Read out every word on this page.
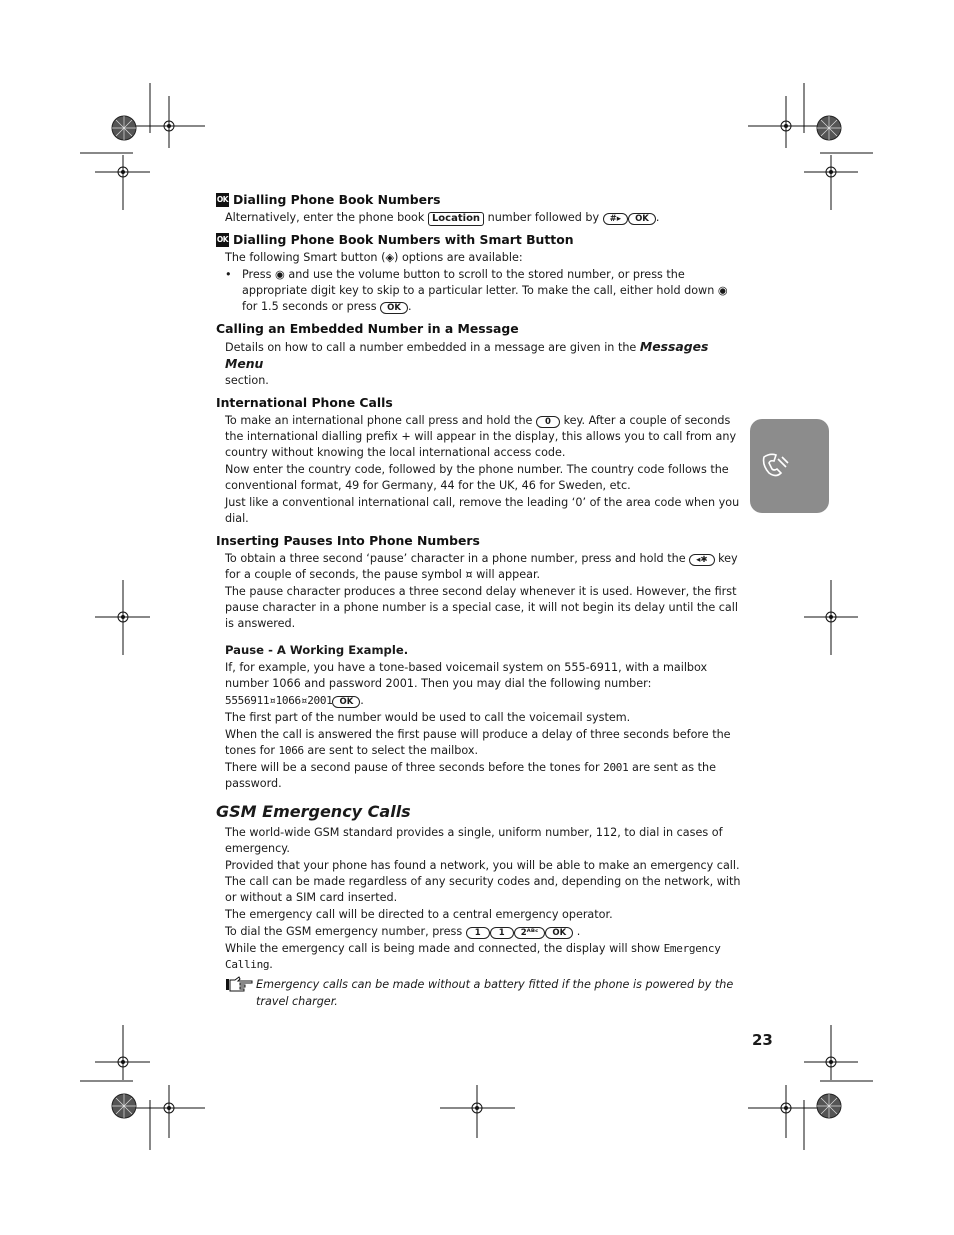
OK Dialling Phone Book Numbers
Alternatively, enter the phone book Location number followed by #▸ OK .
OK Dialling Phone Book Numbers with Smart Button
The following Smart button (◈) options are available:
• Press ◉ and use the volume button to scroll to the stored number, or press the appropriate digit key to skip to a particular letter. To make the call, either hold down ◉ for 1.5 seconds or press OK .
Calling an Embedded Number in a Message
Details on how to call a number embedded in a message are given in the Messages Menu
section.
International Phone Calls
To make an international phone call press and hold the 0 key. After a couple of seconds the international dialling prefix + will appear in the display, this allows you to call from any country without knowing the local international access code.
Now enter the country code, followed by the phone number. The country code follows the conventional format, 49 for Germany, 44 for the UK, 46 for Sweden, etc.
Just like a conventional international call, remove the leading ‘0’ of the area code when you dial.
Inserting Pauses Into Phone Numbers
To obtain a three second ‘pause’ character in a phone number, press and hold the ◂✱ key for a couple of seconds, the pause symbol ¤ will appear.
The pause character produces a three second delay whenever it is used. However, the first pause character in a phone number is a special case, it will not begin its delay until the call is answered.
Pause - A Working Example.
If, for example, you have a tone-based voicemail system on 555-6911, with a mailbox number 1066 and password 2001. Then you may dial the following number:
5556911¤1066¤2001 OK .
The first part of the number would be used to call the voicemail system.
When the call is answered the first pause will produce a delay of three seconds before the tones for 1066 are sent to select the mailbox.
There will be a second pause of three seconds before the tones for 2001 are sent as the password.
GSM Emergency Calls
The world-wide GSM standard provides a single, uniform number, 112, to dial in cases of emergency.
Provided that your phone has found a network, you will be able to make an emergency call. The call can be made regardless of any security codes and, depending on the network, with or without a SIM card inserted.
The emergency call will be directed to a central emergency operator.
To dial the GSM emergency number, press 1 1 2ᴬᴮᶜ OK .
While the emergency call is being made and connected, the display will show Emergency Calling.
Emergency calls can be made without a battery fitted if the phone is powered by the travel charger.
23
